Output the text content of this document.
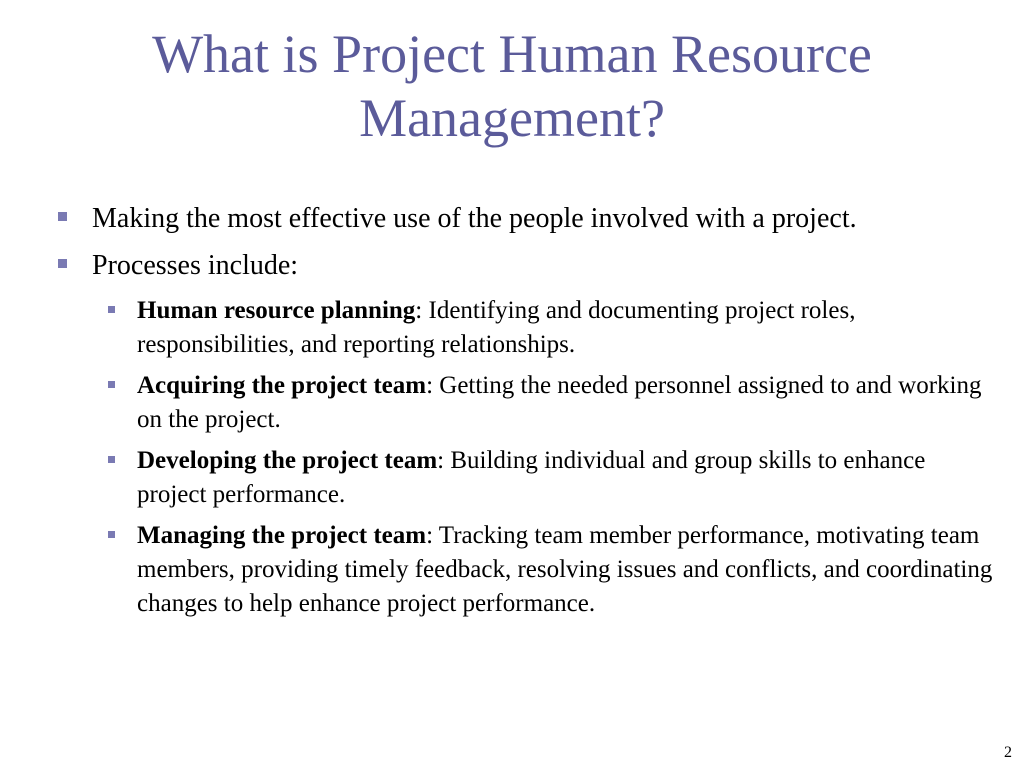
What is Project Human Resource Management?
Making the most effective use of the people involved with a project.
Processes include:
Human resource planning: Identifying and documenting project roles, responsibilities, and reporting relationships.
Acquiring the project team: Getting the needed personnel assigned to and working on the project.
Developing the project team: Building individual and group skills to enhance project performance.
Managing the project team: Tracking team member performance, motivating team members, providing timely feedback, resolving issues and conflicts, and coordinating changes to help enhance project performance.
2
